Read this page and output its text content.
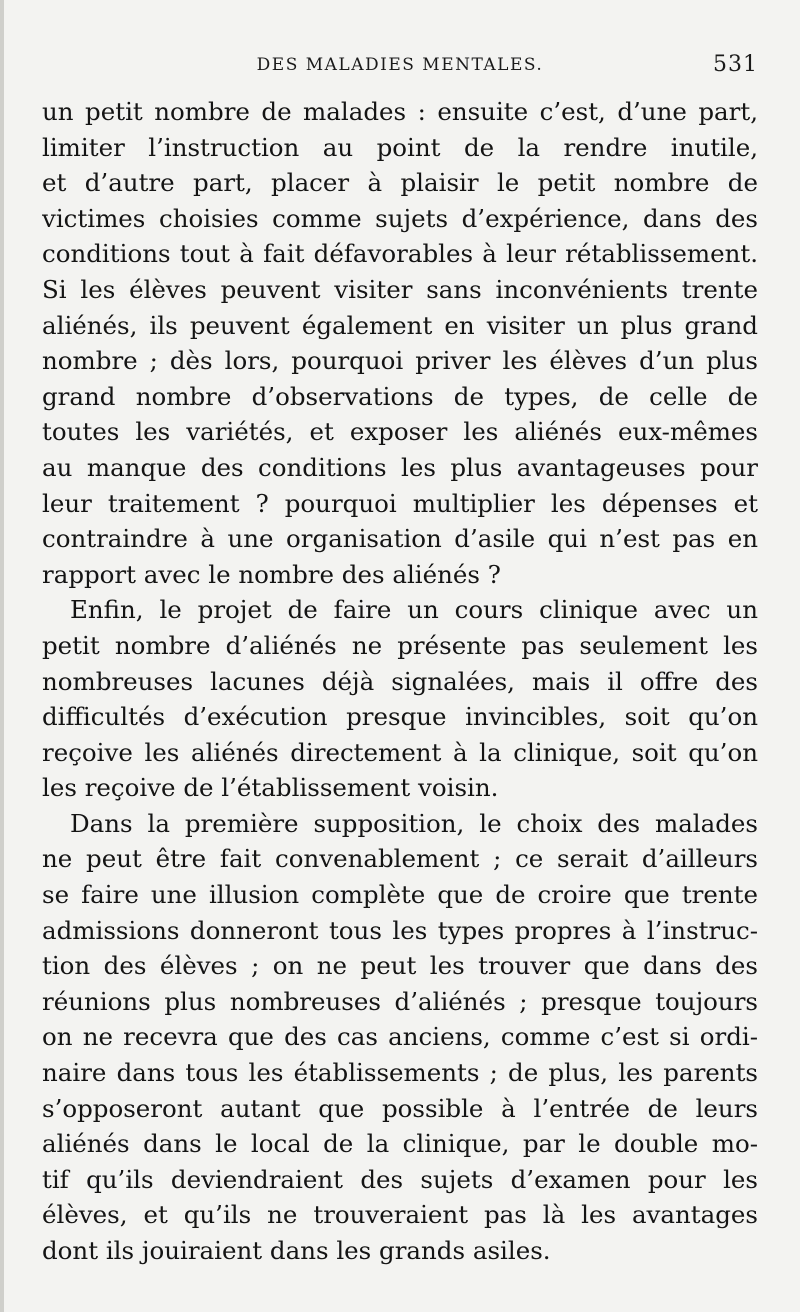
DES MALADIES MENTALES.	531
un petit nombre de malades : ensuite c’est, d’une part,
limiter l’instruction au point de la rendre inutile,
et d’autre part, placer à plaisir le petit nombre de
victimes choisies comme sujets d’expérience, dans des
conditions tout à fait défavorables à leur rétablissement.
Si les élèves peuvent visiter sans inconvénients trente
aliénés, ils peuvent également en visiter un plus grand
nombre ; dès lors, pourquoi priver les élèves d’un plus
grand nombre d’observations de types, de celle de
toutes les variétés, et exposer les aliénés eux-mêmes
au manque des conditions les plus avantageuses pour
leur traitement ? pourquoi multiplier les dépenses et
contraindre à une organisation d’asile qui n’est pas en
rapport avec le nombre des aliénés ?
Enfin, le projet de faire un cours clinique avec un
petit nombre d’aliénés ne présente pas seulement les
nombreuses lacunes déjà signalées, mais il offre des
difficultés d’exécution presque invincibles, soit qu’on
reçoive les aliénés directement à la clinique, soit qu’on
les reçoive de l’établissement voisin.
Dans la première supposition, le choix des malades
ne peut être fait convenablement ; ce serait d’ailleurs
se faire une illusion complète que de croire que trente
admissions donneront tous les types propres à l’instruc-
tion des élèves ; on ne peut les trouver que dans des
réunions plus nombreuses d’aliénés ; presque toujours
on ne recevra que des cas anciens, comme c’est si ordi-
naire dans tous les établissements ; de plus, les parents
s’opposeront autant que possible à l’entrée de leurs
aliénés dans le local de la clinique, par le double mo-
tif qu’ils deviendraient des sujets d’examen pour les
élèves, et qu’ils ne trouveraient pas là les avantages
dont ils jouiraient dans les grands asiles.
